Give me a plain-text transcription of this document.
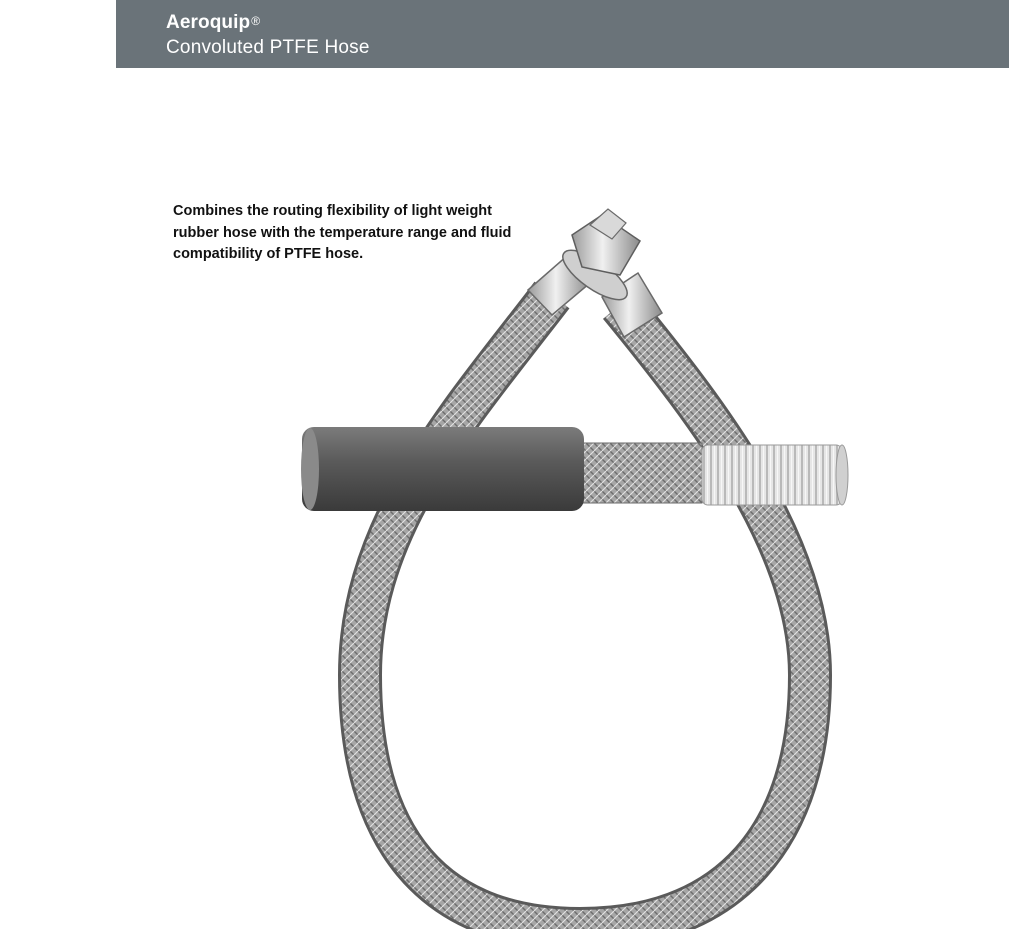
Aeroquip®
Convoluted PTFE Hose
Combines the routing flexibility of light weight rubber hose with the temperature range and fluid compatibility of PTFE hose.
